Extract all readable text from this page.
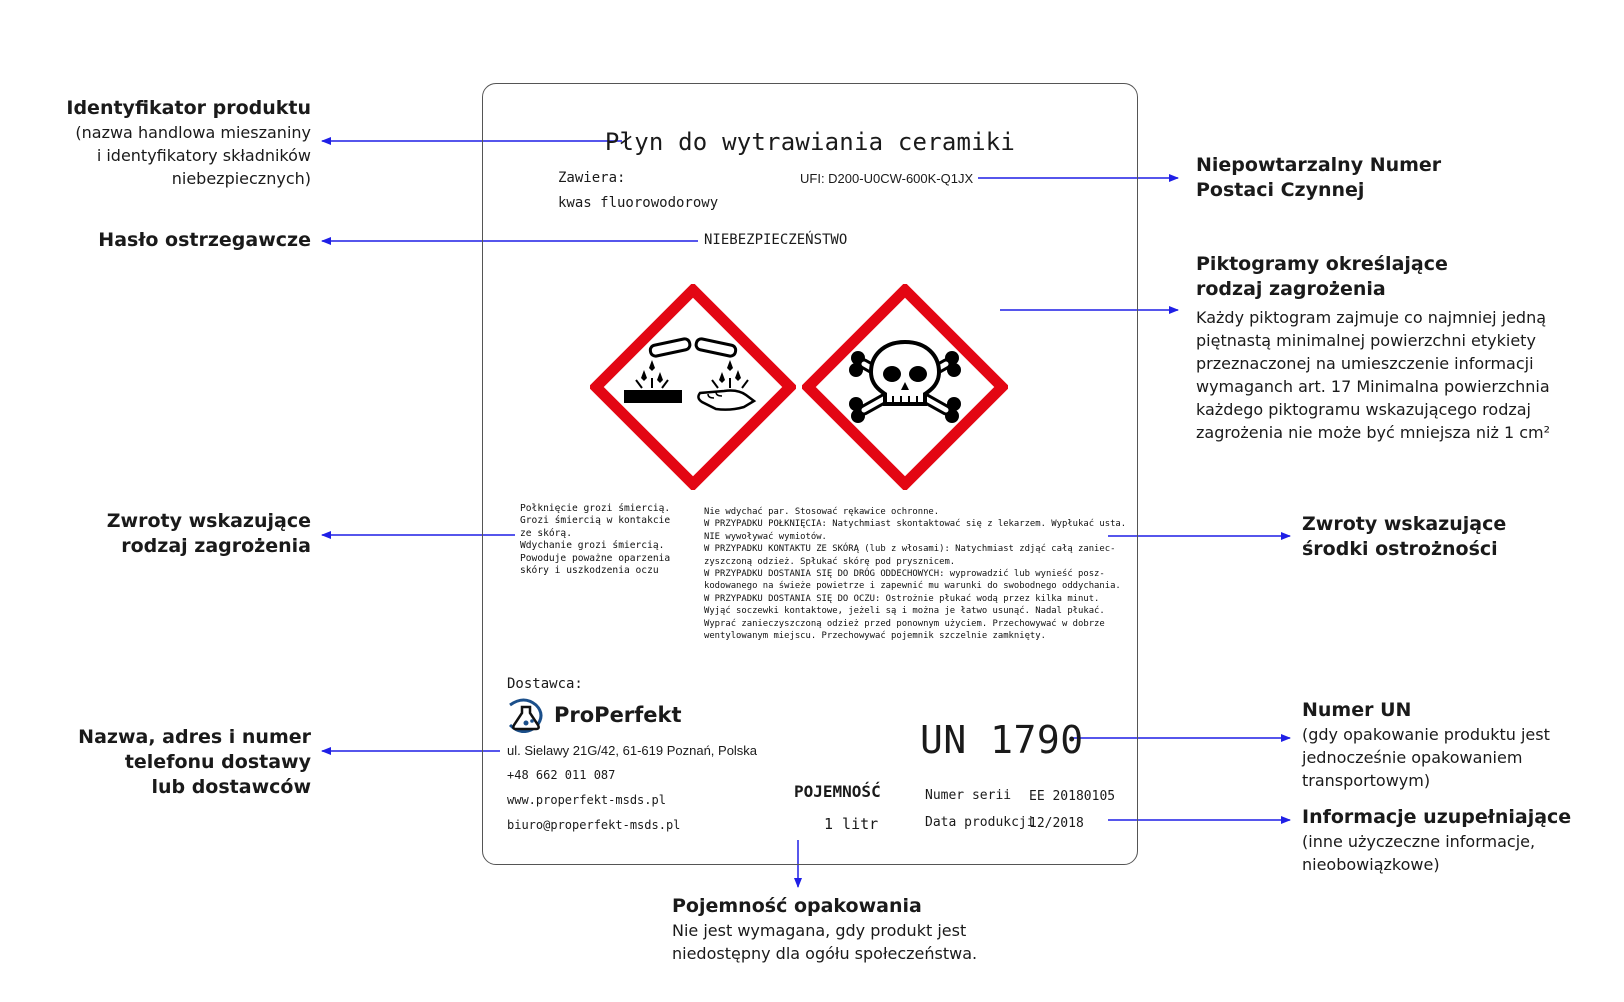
Płyn do wytrawiania ceramiki
Zawiera:
kwas fluorowodorowy
UFI: D200-U0CW-600K-Q1JX
NIEBEZPIECZEŃSTWO
Połknięcie grozi śmiercią.
Grozi śmiercią w kontakcie
ze skórą.
Wdychanie grozi śmiercią.
Powoduje poważne oparzenia
skóry i uszkodzenia oczu
Nie wdychać par. Stosować rękawice ochronne.
W PRZYPADKU POŁKNIĘCIA: Natychmiast skontaktować się z lekarzem. Wypłukać usta.
NIE wywoływać wymiotów.
W PRZYPADKU KONTAKTU ZE SKÓRĄ (lub z włosami): Natychmiast zdjąć całą zaniec-
zyszczoną odzież. Spłukać skórę pod prysznicem.
W PRZYPADKU DOSTANIA SIĘ DO DRÓG ODDECHOWYCH: wyprowadzić lub wynieść posz-
kodowanego na świeże powietrze i zapewnić mu warunki do swobodnego oddychania.
W PRZYPADKU DOSTANIA SIĘ DO OCZU: Ostrożnie płukać wodą przez kilka minut.
Wyjąć soczewki kontaktowe, jeżeli są i można je łatwo usunąć. Nadal płukać.
Wyprać zanieczyszczoną odzież przed ponownym użyciem. Przechowywać w dobrze
wentylowanym miejscu. Przechowywać pojemnik szczelnie zamknięty.
Dostawca:
ProPerfekt
ul. Sielawy 21G/42, 61-619 Poznań, Polska
+48 662 011 087
www.properfekt-msds.pl
biuro@properfekt-msds.pl
POJEMNOŚĆ
1 litr
UN 1790
Numer serii EE 20180105
Data produkcji
12/2018
Identyfikator produktu
(nazwa handlowa mieszaniny
i identyfikatory składników
niebezpiecznych)
Hasło ostrzegawcze
Zwroty wskazujące
rodzaj zagrożenia
Nazwa, adres i numer
telefonu dostawy
lub dostawców
Niepowtarzalny Numer
Postaci Czynnej
Piktogramy określające
rodzaj zagrożenia
Każdy piktogram zajmuje co najmniej jedną
piętnastą minimalnej powierzchni etykiety
przeznaczonej na umieszczenie informacji
wymaganch art. 17 Minimalna powierzchnia
każdego piktogramu wskazującego rodzaj
zagrożenia nie może być mniejsza niż 1 cm²
Zwroty wskazujące
środki ostrożności
Numer UN
(gdy opakowanie produktu jest
jednocześnie opakowaniem
transportowym)
Informacje uzupełniające
(inne użyczeczne informacje,
nieobowiązkowe)
Pojemność opakowania
Nie jest wymagana, gdy produkt jest
niedostępny dla ogółu społeczeństwa.
